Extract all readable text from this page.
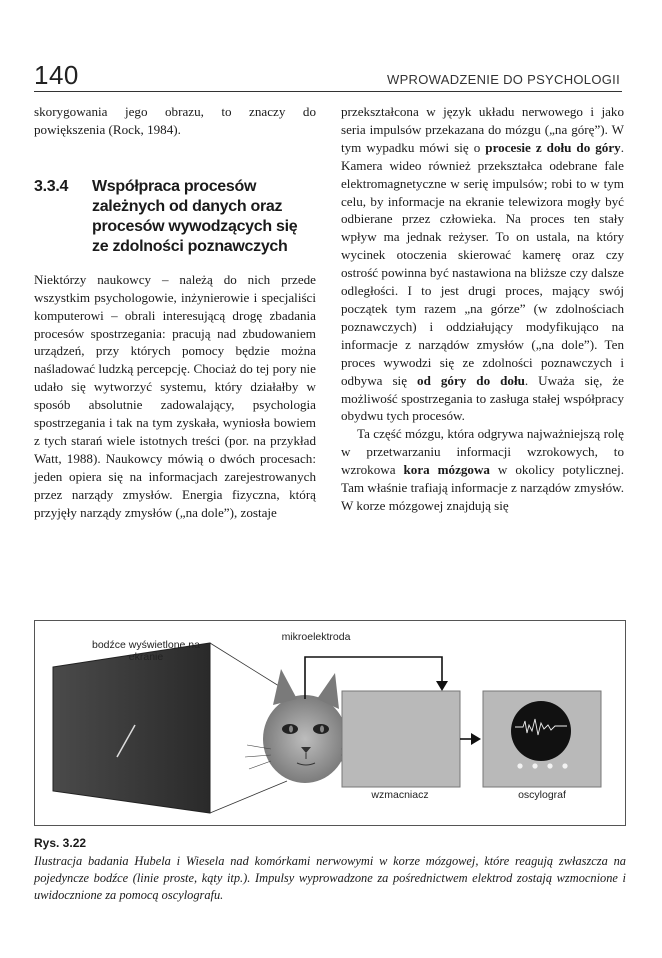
140	WPROWADZENIE DO PSYCHOLOGII

skorygowania jego obrazu, to znaczy do powiększenia (Rock, 1984).

3.3.4	Współpraca procesów zależnych od danych oraz procesów wywodzących się ze zdolności poznawczych

Niektórzy naukowcy – należą do nich przede wszystkim psychologowie, inżynierowie i specjaliści komputerowi – obrali interesującą drogę zbadania procesów spostrzegania: pracują nad zbudowaniem urządzeń, przy których pomocy będzie można naśladować ludzką percepcję. Chociaż do tej pory nie udało się wytworzyć systemu, który działałby w sposób absolutnie zadowalający, psychologia spostrzegania i tak na tym zyskała, wyniosła bowiem z tych starań wiele istotnych treści (por. na przykład Watt, 1988). Naukowcy mówią o dwóch procesach: jeden opiera się na informacjach zarejestrowanych przez narządy zmysłów. Energia fizyczna, którą przyjęły narządy zmysłów („na dole”), zostaje

przekształcona w język układu nerwowego i jako seria impulsów przekazana do mózgu („na górę”). W tym wypadku mówi się o procesie z dołu do góry. Kamera wideo również przekształca odebrane fale elektromagnetyczne w serię impulsów; robi to w tym celu, by informacje na ekranie telewizora mogły być odbierane przez człowieka. Na proces ten stały wpływ ma jednak reżyser. To on ustala, na który wycinek otoczenia skierować kamerę oraz czy ostrość powinna być nastawiona na bliższe czy dalsze odległości. I to jest drugi proces, mający swój początek tym razem „na górze” (w zdolnościach poznawczych) i oddziałujący modyfikująco na informacje z narządów zmysłów („na dole”). Ten proces wywodzi się ze zdolności poznawczych i odbywa się od góry do dołu. Uważa się, że możliwość spostrzegania to zasługa stałej współpracy obydwu tych procesów.

Ta część mózgu, która odgrywa najważniejszą rolę w przetwarzaniu informacji wzrokowych, to wzrokowa kora mózgowa w okolicy potylicznej. Tam właśnie trafiają informacje z narządów zmysłów. W korze mózgowej znajdują się

bodźce wyświetlone na ekranie
mikroelektroda
wzmacniacz	oscylograf
Rys. 3.22
Ilustracja badania Hubela i Wiesela nad komórkami nerwowymi w korze mózgowej, które reagują zwłaszcza na pojedyncze bodźce (linie proste, kąty itp.). Impulsy wyprowadzone za pośrednictwem elektrod zostają wzmocnione i uwidocznione za pomocą oscylografu.
